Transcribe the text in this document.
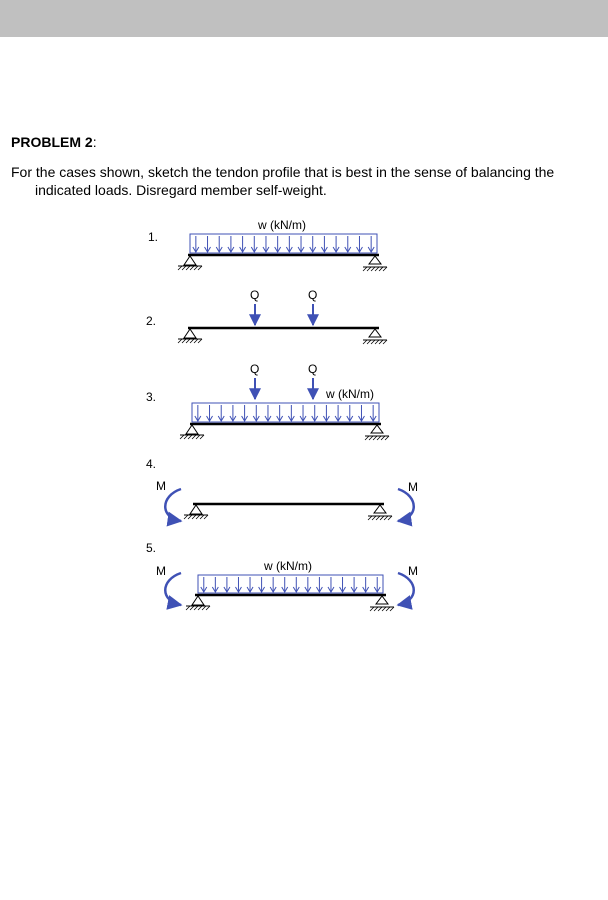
PROBLEM 2:
For the cases shown, sketch the tendon profile that is best in the sense of balancing the indicated loads. Disregard member self-weight.
1.
w (kN/m)
2.
Q	Q
3.
Q	Q
w (kN/m)
4.
M	M
5.
w (kN/m)
M	M
